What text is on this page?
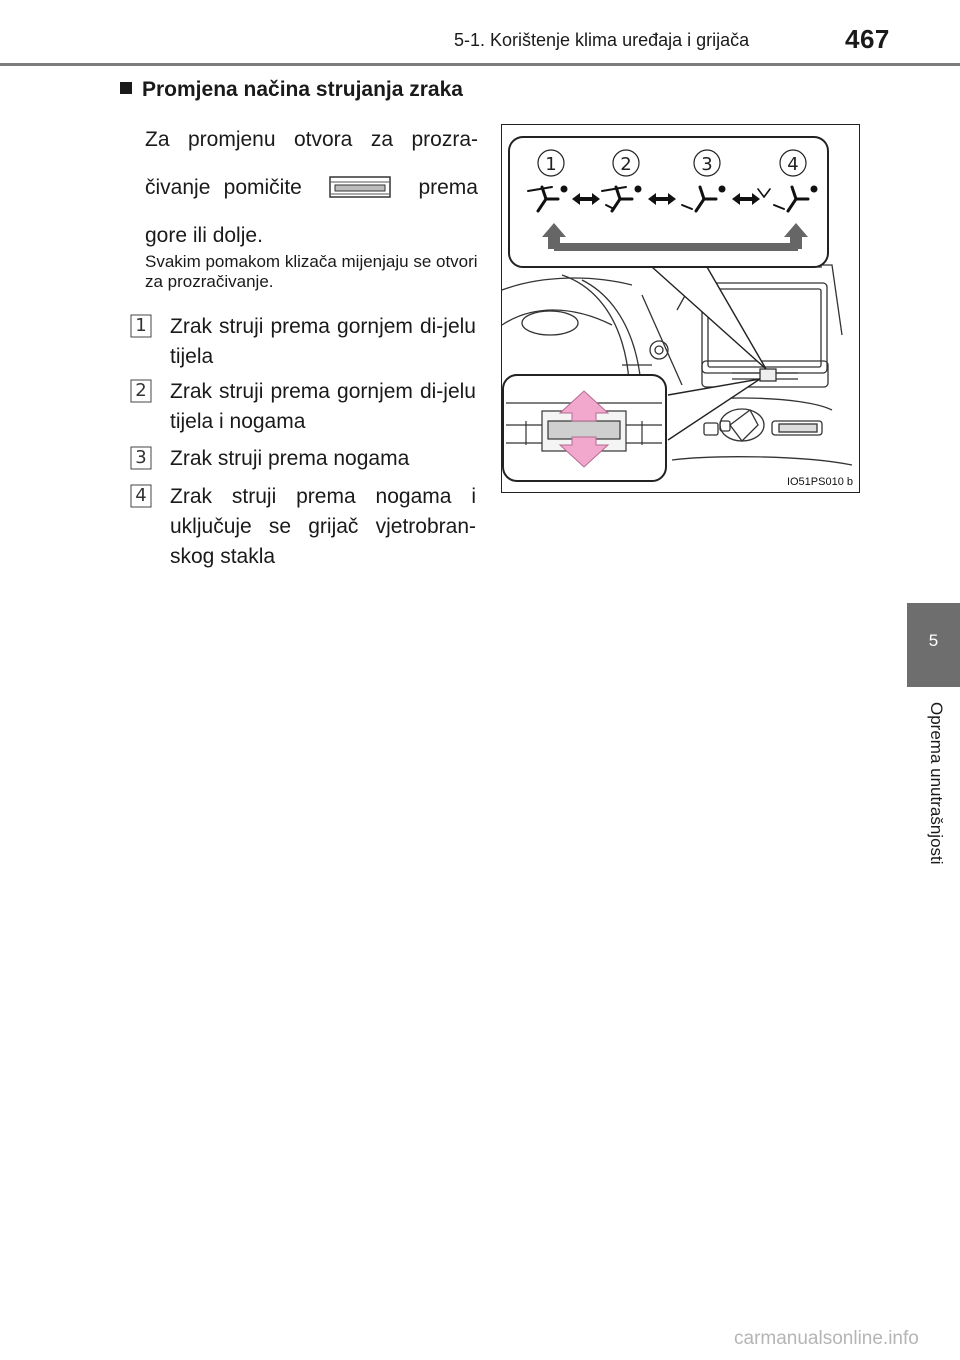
5-1. Korištenje klima uređaja i grijača	467
5
Oprema unutrašnjosti
Promjena načina strujanja zraka
Za promjenu otvora za prozra-čivanje pomičite	prema gore ili dolje.
Svakim pomakom klizača mijenjaju se otvori za prozračivanje.
1 Zrak struji prema gornjem di-jelu tijela
2 Zrak struji prema gornjem di-jelu tijela i nogama
3 Zrak struji prema nogama
4 Zrak struji prema nogama i uključuje se grijač vjetrobran-skog stakla
1	2	3	4
IO51PS010 b
carmanualsonline.info
